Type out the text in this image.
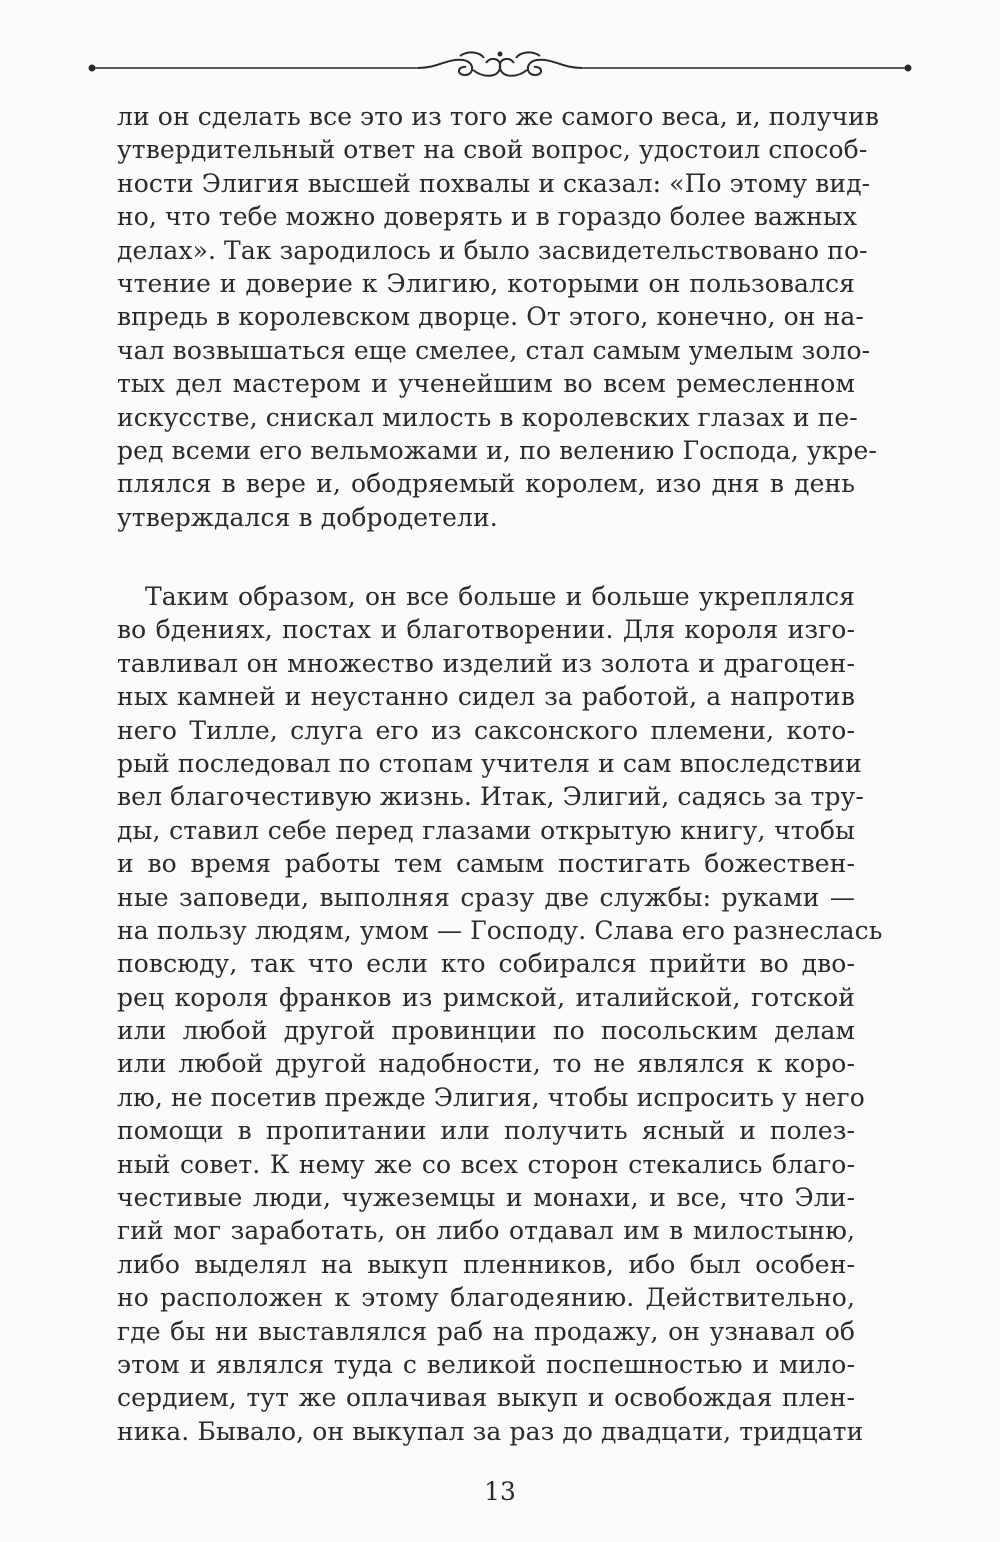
ли он сделать все это из того же самого веса, и, получив
утвердительный ответ на свой вопрос, удостоил способ-
ности Элигия высшей похвалы и сказал: «По этому вид-
но, что тебе можно доверять и в гораздо более важных
делах». Так зародилось и было засвидетельствовано по-
чтение и доверие к Элигию, которыми он пользовался
впредь в королевском дворце. От этого, конечно, он на-
чал возвышаться еще смелее, стал самым умелым золо-
тых дел мастером и ученейшим во всем ремесленном
искусстве, снискал милость в королевских глазах и пе-
ред всеми его вельможами и, по велению Господа, укре-
плялся в вере и, ободряемый королем, изо дня в день
утверждался в добродетели.
Таким образом, он все больше и больше укреплялся
во бдениях, постах и благотворении. Для короля изго-
тавливал он множество изделий из золота и драгоцен-
ных камней и неустанно сидел за работой, а напротив
него Тилле, слуга его из саксонского племени, кото-
рый последовал по стопам учителя и сам впоследствии
вел благочестивую жизнь. Итак, Элигий, садясь за тру-
ды, ставил себе перед глазами открытую книгу, чтобы
и во время работы тем самым постигать божествен-
ные заповеди, выполняя сразу две службы: руками —
на пользу людям, умом — Господу. Слава его разнеслась
повсюду, так что если кто собирался прийти во дво-
рец короля франков из римской, италийской, готской
или любой другой провинции по посольским делам
или любой другой надобности, то не являлся к коро-
лю, не посетив прежде Элигия, чтобы испросить у него
помощи в пропитании или получить ясный и полез-
ный совет. К нему же со всех сторон стекались благо-
честивые люди, чужеземцы и монахи, и все, что Эли-
гий мог заработать, он либо отдавал им в милостыню,
либо выделял на выкуп пленников, ибо был особен-
но расположен к этому благодеянию. Действительно,
где бы ни выставлялся раб на продажу, он узнавал об
этом и являлся туда с великой поспешностью и мило-
сердием, тут же оплачивая выкуп и освобождая плен-
ника. Бывало, он выкупал за раз до двадцати, тридцати
13
